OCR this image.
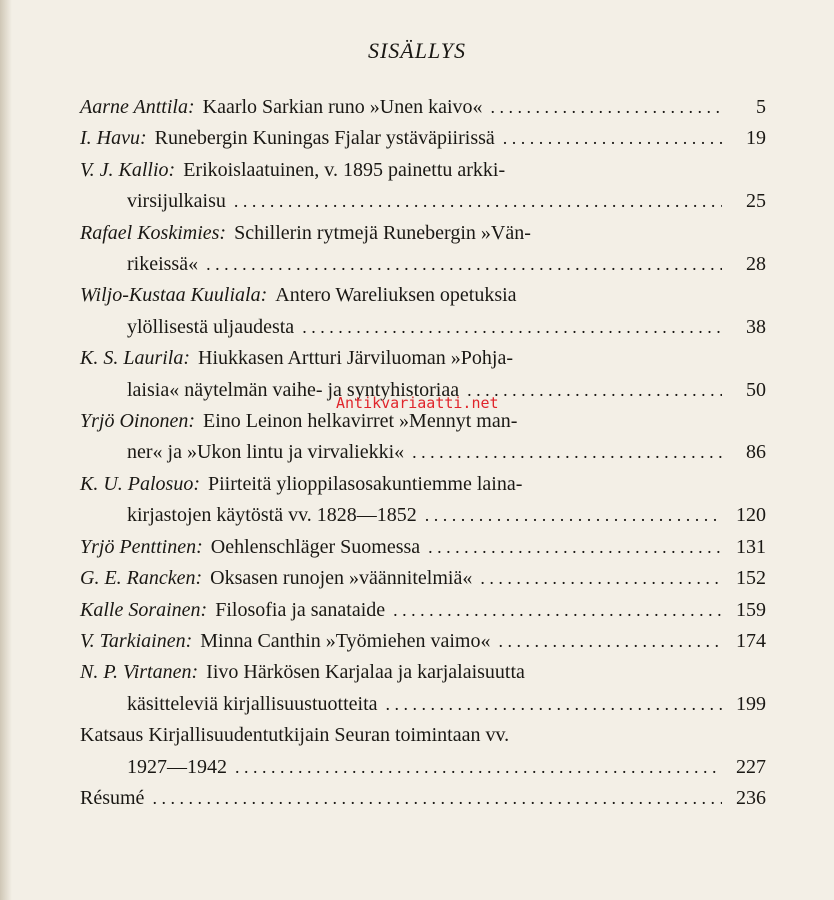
SISÄLLYS
Aarne Anttila: Kaarlo Sarkian runo »Unen kaivo« . . .	5
I. Havu: Runebergin Kuningas Fjalar ystäväpiirissä . . .	19
V. J. Kallio: Erikoislaatuinen, v. 1895 painettu arkki-
virsijulkaisu . . .	25
Rafael Koskimies: Schillerin rytmejä Runebergin »Vän-
rikeissä« . . .	28
Wiljo-Kustaa Kuuliala: Antero Wareliuksen opetuksia
ylöllisestä uljaudesta . . .	38
K. S. Laurila: Hiukkasen Artturi Järviluoman »Pohja-
laisia« näytelmän vaihe- ja syntyhistoriaa . . .	50
Yrjö Oinonen: Eino Leinon helkavirret »Mennyt man-
ner« ja »Ukon lintu ja virvaliekki« . . .	86
K. U. Palosuo: Piirteitä ylioppilasosakuntiemme laina-
kirjastojen käytöstä vv. 1828—1852 . . .	120
Yrjö Penttinen: Oehlenschläger Suomessa . . .	131
G. E. Rancken: Oksasen runojen »väännitelmiä« . . .	152
Kalle Sorainen: Filosofia ja sanataide . . .	159
V. Tarkiainen: Minna Canthin »Työmiehen vaimo« . . .	174
N. P. Virtanen: Iivo Härkösen Karjalaa ja karjalaisuutta
käsitteleviä kirjallisuustuotteita . . .	199
Katsaus Kirjallisuudentutkijain Seuran toimintaan vv.
1927—1942 . . .	227
Résumé . . .	236
Antikvariaatti.net
